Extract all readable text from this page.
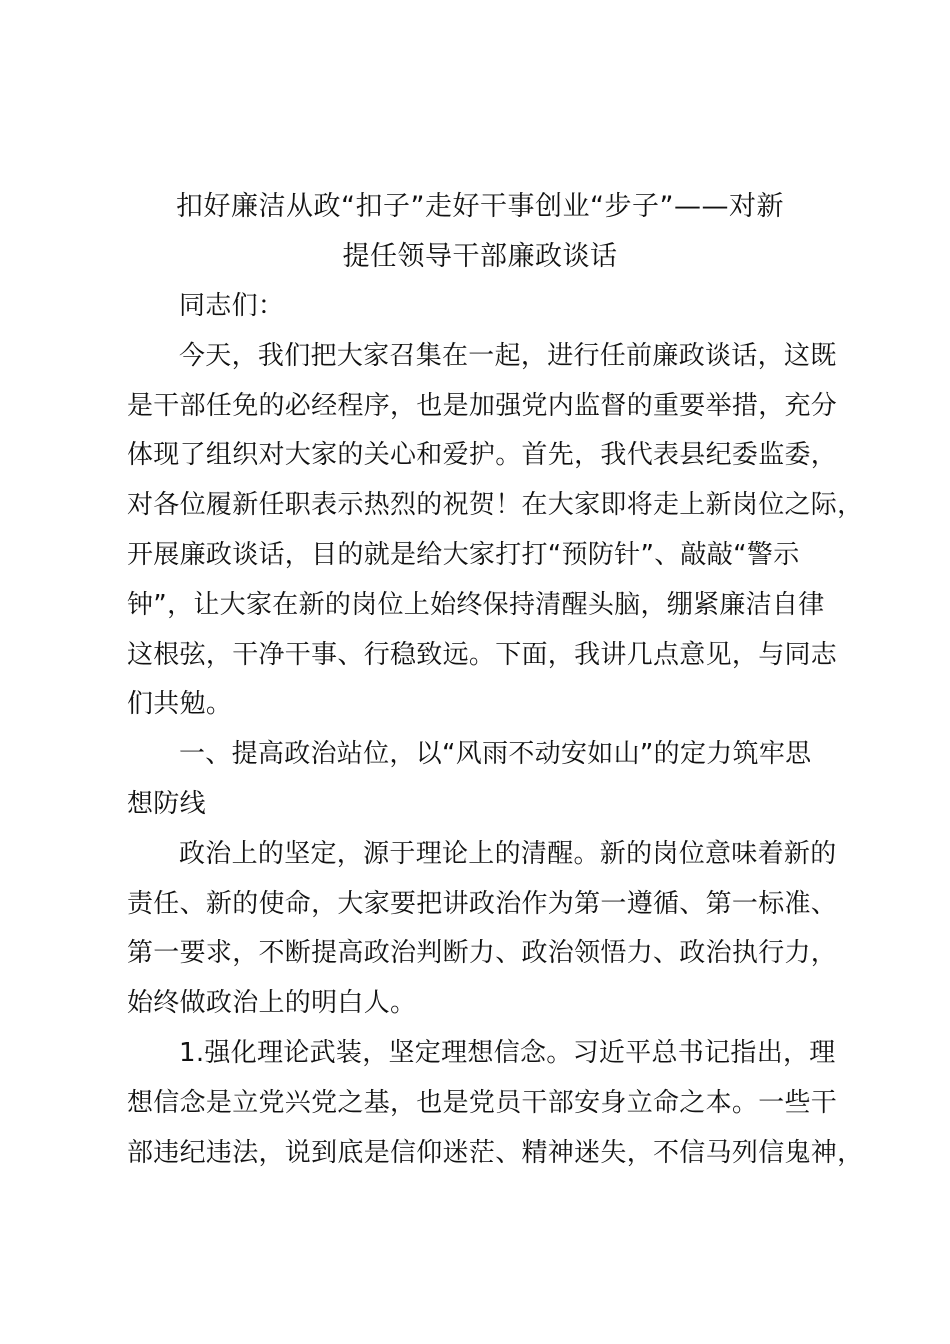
扣好廉洁从政“扣子”走好干事创业“步子”——对新
提任领导干部廉政谈话
同志们：
今天，我们把大家召集在一起，进行任前廉政谈话，这既
是干部任免的必经程序，也是加强党内监督的重要举措，充分
体现了组织对大家的关心和爱护。首先，我代表县纪委监委，
对各位履新任职表示热烈的祝贺！在大家即将走上新岗位之际，
开展廉政谈话，目的就是给大家打打“预防针”、敲敲“警示
钟”，让大家在新的岗位上始终保持清醒头脑，绷紧廉洁自律
这根弦，干净干事、行稳致远。下面，我讲几点意见，与同志
们共勉。
一、提高政治站位，以“风雨不动安如山”的定力筑牢思
想防线
政治上的坚定，源于理论上的清醒。新的岗位意味着新的
责任、新的使命，大家要把讲政治作为第一遵循、第一标准、
第一要求，不断提高政治判断力、政治领悟力、政治执行力，
始终做政治上的明白人。
1.强化理论武装，坚定理想信念。习近平总书记指出，理
想信念是立党兴党之基，也是党员干部安身立命之本。一些干
部违纪违法，说到底是信仰迷茫、精神迷失，不信马列信鬼神，
